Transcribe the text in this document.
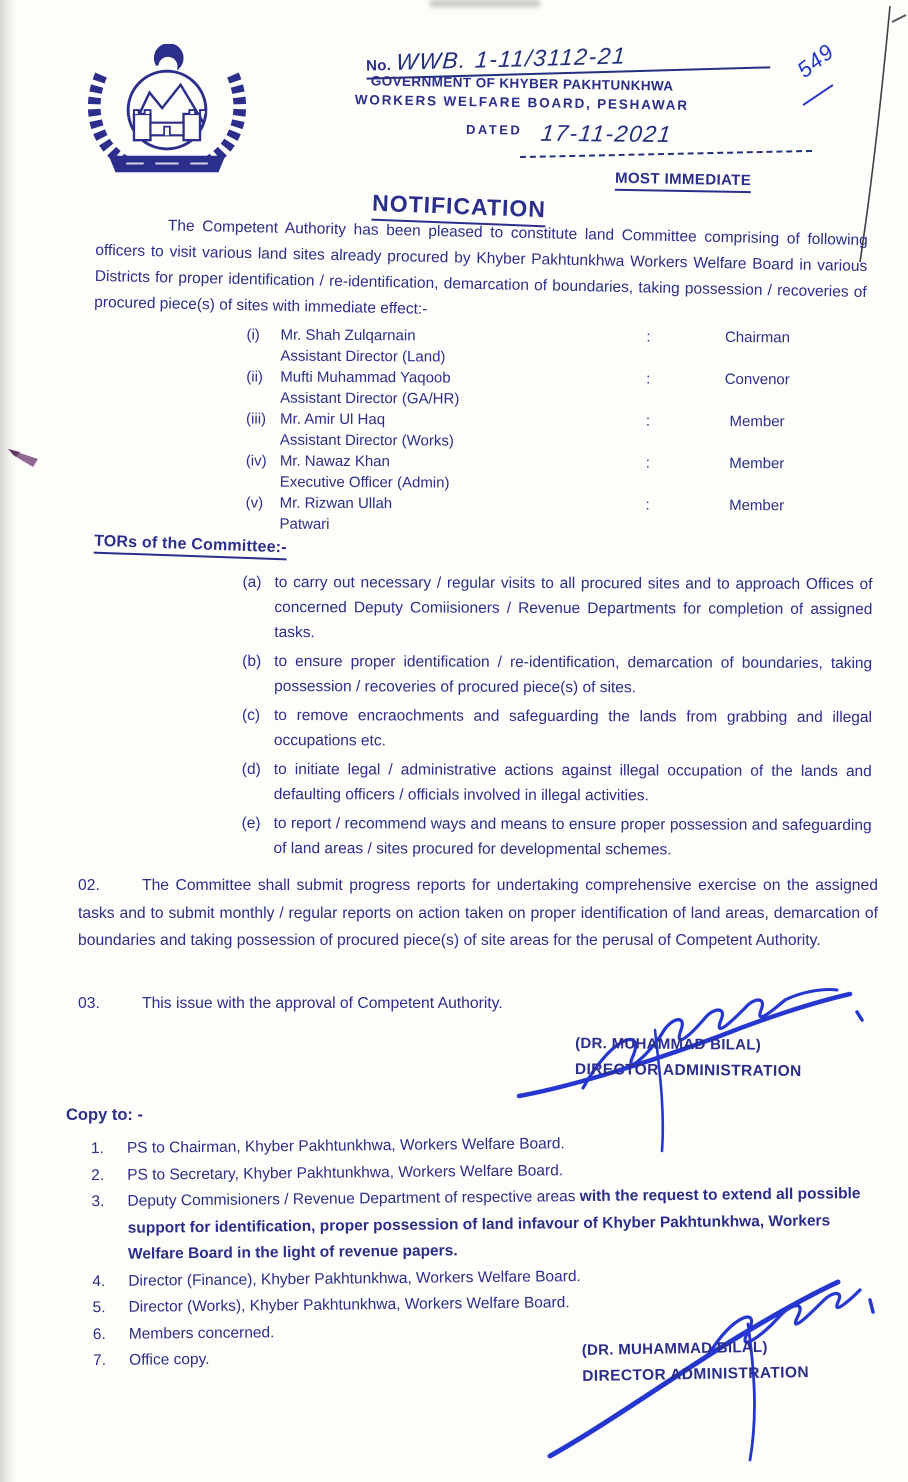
No. WWB. 1-11/3112-21
GOVERNMENT OF KHYBER PAKHTUNKHWA
WORKERS WELFARE BOARD, PESHAWAR
$^{DATED}$ 17-11-2021
549
MOST IMMEDIATE
NOTIFICATION
The Competent Authority has been pleased to constitute land Committee comprising of following officers to visit various land sites already procured by Khyber Pakhtunkhwa Workers Welfare Board in various Districts for proper identification / re-identification, demarcation of boundaries, taking possession / recoveries of procured piece(s) of sites with immediate effect:-
(i)	Mr. Shah Zulqarnain
Assistant Director (Land)
:	Chairman
(ii)	Mufti Muhammad Yaqoob
Assistant Director (GA/HR)
:	Convenor
(iii) Mr. Amir Ul Haq
Assistant Director (Works)
:	Member
(iv) Mr. Nawaz Khan
Executive Officer (Admin)
:	Member
(v)	Mr. Rizwan Ullah
Patwari
:	Member
TORs of the Committee:-
(a) to carry out necessary / regular visits to all procured sites and to approach Offices of concerned Deputy Comiisioners / Revenue Departments for completion of assigned tasks.
(b) to ensure proper identification / re-identification, demarcation of boundaries, taking possession / recoveries of procured piece(s) of sites.
(c) to remove encraochments and safeguarding the lands from grabbing and illegal occupations etc.
(d) to initiate legal / administrative actions against illegal occupation of the lands and defaulting officers / officials involved in illegal activities.
(e) to report / recommend ways and means to ensure proper possession and safeguarding of land areas / sites procured for developmental schemes.
02.	The Committee shall submit progress reports for undertaking comprehensive exercise on the assigned tasks and to submit monthly / regular reports on action taken on proper identification of land areas, demarcation of boundaries and taking possession of procured piece(s) of site areas for the perusal of Competent Authority.
03.	This issue with the approval of Competent Authority.
(DR. MUHAMMAD BILAL)
DIRECTOR ADMINISTRATION
Copy to: -
1.	PS to Chairman, Khyber Pakhtunkhwa, Workers Welfare Board.
2.	PS to Secretary, Khyber Pakhtunkhwa, Workers Welfare Board.
3.	Deputy Commisioners / Revenue Department of respective areas with the request to extend all possible support for identification, proper possession of land infavour of Khyber Pakhtunkhwa, Workers Welfare Board in the light of revenue papers.
4.	Director (Finance), Khyber Pakhtunkhwa, Workers Welfare Board.
5.	Director (Works), Khyber Pakhtunkhwa, Workers Welfare Board.
6.	Members concerned.
7.	Office copy.
(DR. MUHAMMAD BILAL)
DIRECTOR ADMINISTRATION
